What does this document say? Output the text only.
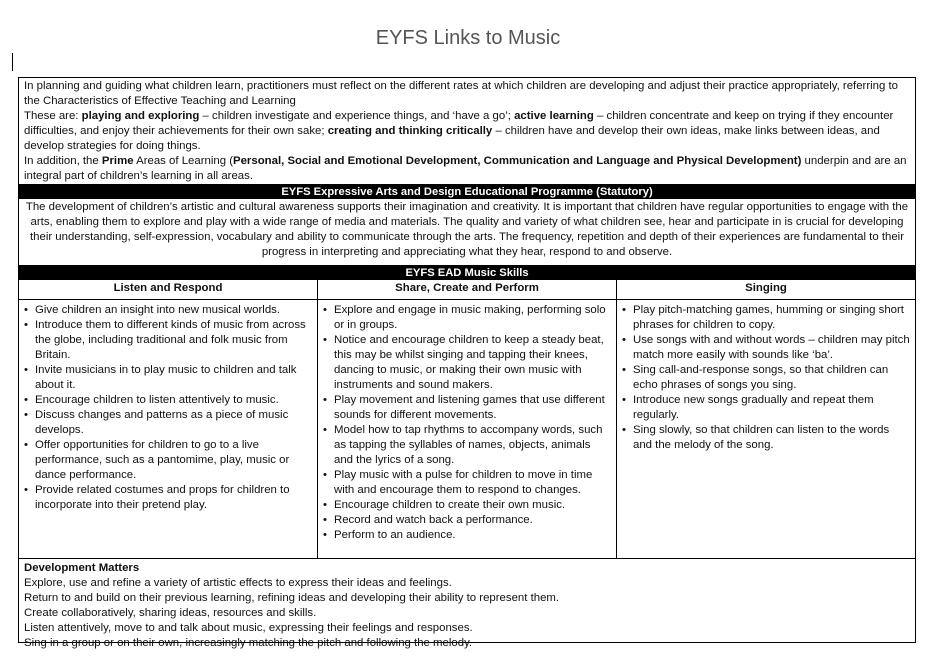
EYFS Links to Music

In planning and guiding what children learn, practitioners must reflect on the different rates at which children are developing and adjust their practice appropriately, referring to the Characteristics of Effective Teaching and Learning

These are: playing and exploring – children investigate and experience things, and ‘have a go’; active learning – children concentrate and keep on trying if they encounter difficulties, and enjoy their achievements for their own sake; creating and thinking critically – children have and develop their own ideas, make links between ideas, and develop strategies for doing things.

In addition, the Prime Areas of Learning (Personal, Social and Emotional Development, Communication and Language and Physical Development) underpin and are an integral part of children’s learning in all areas.

EYFS Expressive Arts and Design Educational Programme (Statutory)
The development of children’s artistic and cultural awareness supports their imagination and creativity. It is important that children have regular opportunities to engage with the arts, enabling them to explore and play with a wide range of media and materials. The quality and variety of what children see, hear and participate in is crucial for developing their understanding, self-expression, vocabulary and ability to communicate through the arts. The frequency, repetition and depth of their experiences are fundamental to their progress in interpreting and appreciating what they hear, respond to and observe.
EYFS EAD Music Skills
Listen and Respond	Share, Create and Perform	Singing
• Give children an insight into new musical worlds.
• Introduce them to different kinds of music from across the globe, including traditional and folk music from Britain.
• Invite musicians in to play music to children and talk about it.
• Encourage children to listen attentively to music.
• Discuss changes and patterns as a piece of music develops.
• Offer opportunities for children to go to a live performance, such as a pantomime, play, music or dance performance.
• Provide related costumes and props for children to incorporate into their pretend play.
• Explore and engage in music making, performing solo or in groups.
• Notice and encourage children to keep a steady beat, this may be whilst singing and tapping their knees, dancing to music, or making their own music with instruments and sound makers.
• Play movement and listening games that use different sounds for different movements.
• Model how to tap rhythms to accompany words, such as tapping the syllables of names, objects, animals and the lyrics of a song.
• Play music with a pulse for children to move in time with and encourage them to respond to changes.
• Encourage children to create their own music.
• Record and watch back a performance.
• Perform to an audience.
• Play pitch-matching games, humming or singing short phrases for children to copy.
• Use songs with and without words – children may pitch match more easily with sounds like ‘ba’.
• Sing call-and-response songs, so that children can echo phrases of songs you sing.
• Introduce new songs gradually and repeat them regularly.
• Sing slowly, so that children can listen to the words and the melody of the song.
Development Matters

Explore, use and refine a variety of artistic effects to express their ideas and feelings.

Return to and build on their previous learning, refining ideas and developing their ability to represent them.

Create collaboratively, sharing ideas, resources and skills.

Listen attentively, move to and talk about music, expressing their feelings and responses.

Sing in a group or on their own, increasingly matching the pitch and following the melody.
